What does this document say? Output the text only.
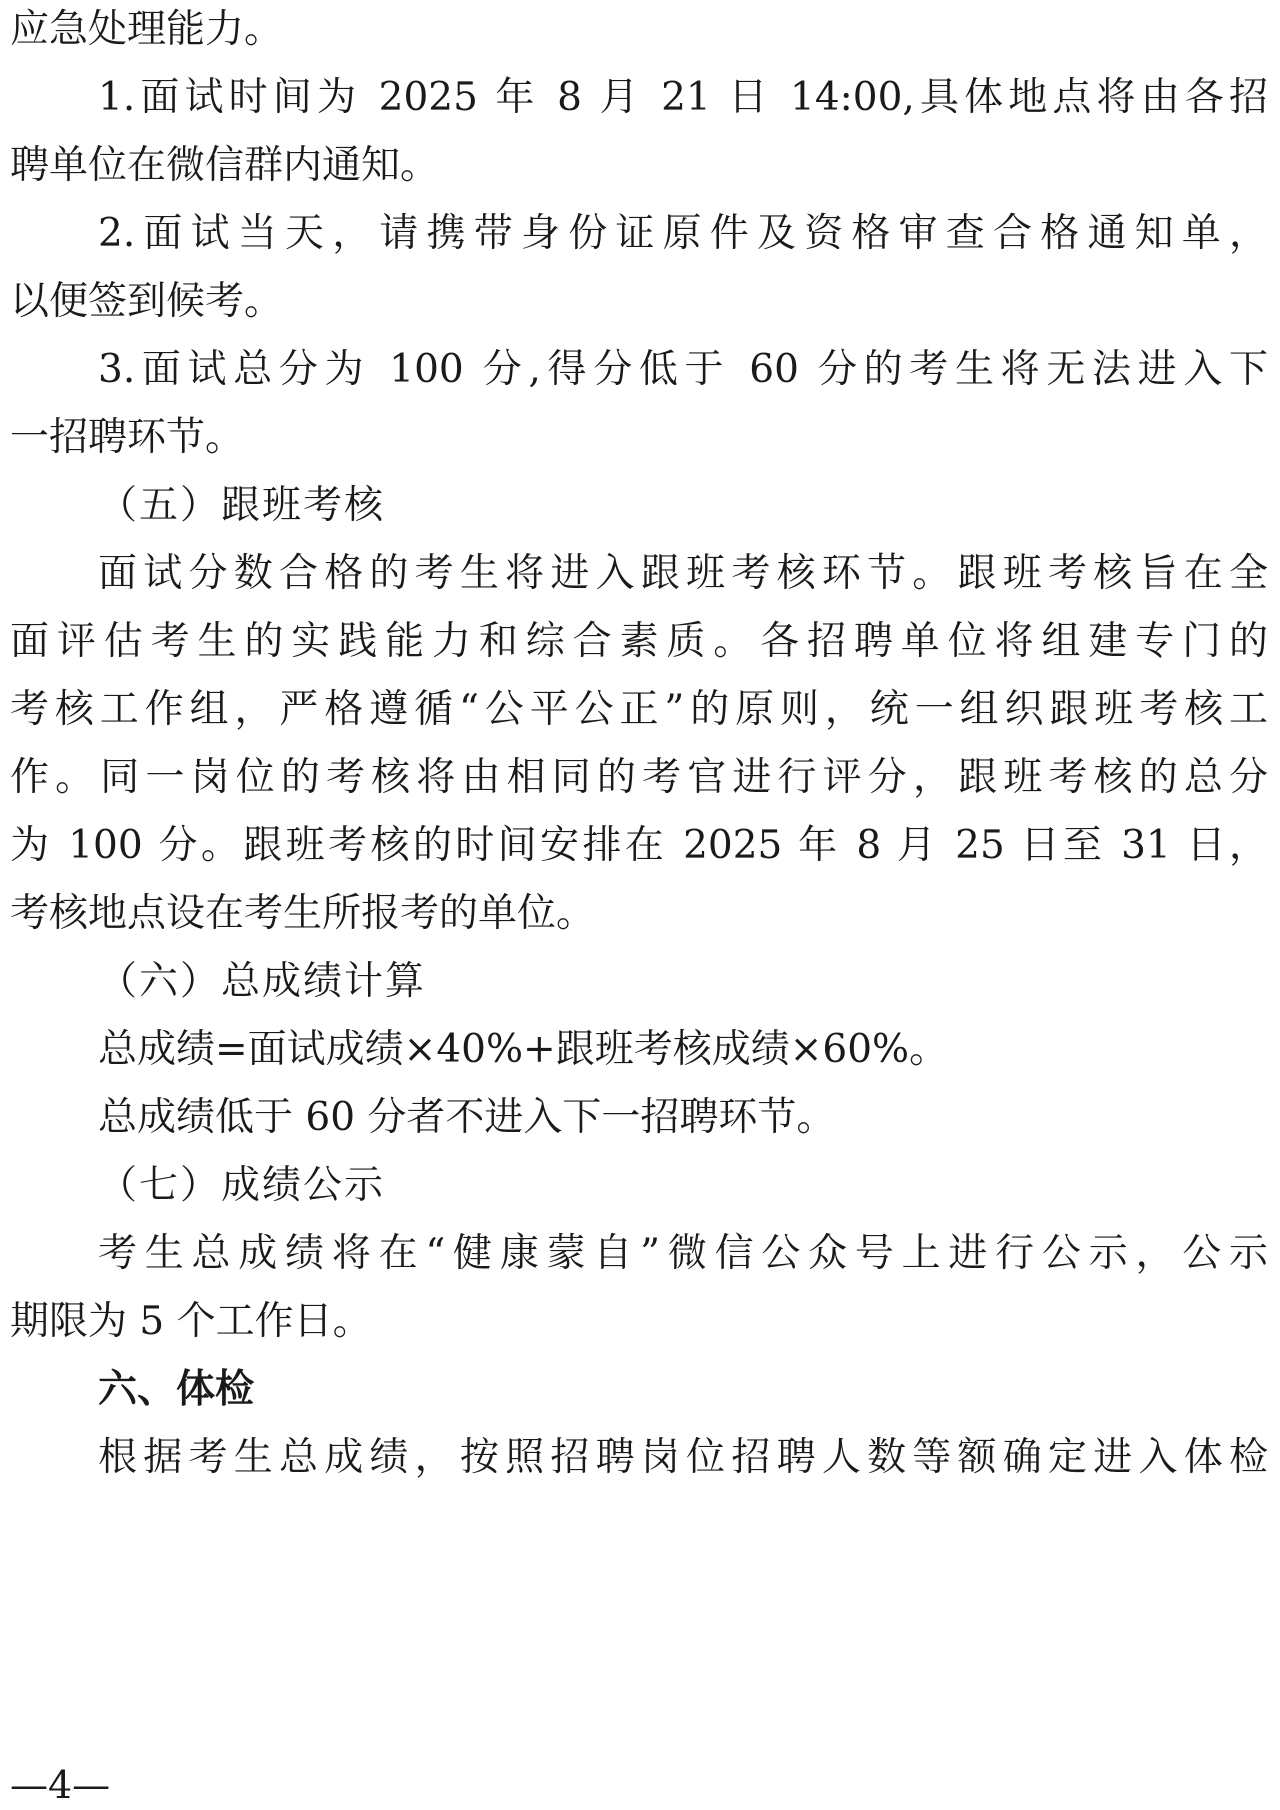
应急处理能力。
1.面试时间为 2025 年 8 月 21 日 14:00,具体地点将由各招
聘单位在微信群内通知。
2.面试当天，请携带身份证原件及资格审查合格通知单，
以便签到候考。
3.面试总分为 100 分,得分低于 60 分的考生将无法进入下
一招聘环节。
（五）跟班考核
面试分数合格的考生将进入跟班考核环节。跟班考核旨在全
面评估考生的实践能力和综合素质。各招聘单位将组建专门的
考核工作组，严格遵循“公平公正”的原则，统一组织跟班考核工
作。同一岗位的考核将由相同的考官进行评分，跟班考核的总分
为 100 分。跟班考核的时间安排在 2025 年 8 月 25 日至 31 日，
考核地点设在考生所报考的单位。
（六）总成绩计算
总成绩=面试成绩×40%+跟班考核成绩×60%。
总成绩低于 60 分者不进入下一招聘环节。
（七）成绩公示
考生总成绩将在“健康蒙自”微信公众号上进行公示，公示
期限为 5 个工作日。
六、体检
根据考生总成绩，按照招聘岗位招聘人数等额确定进入体检
—4—
